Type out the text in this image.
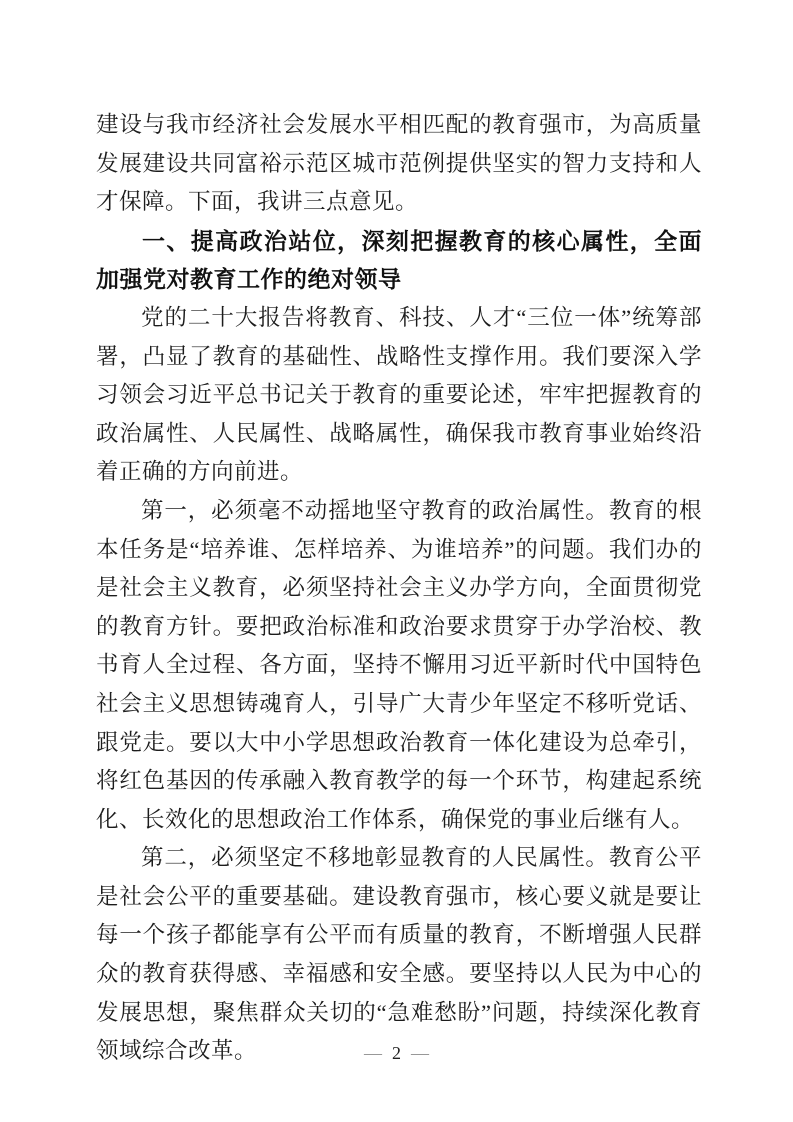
建设与我市经济社会发展水平相匹配的教育强市，为高质量发展建设共同富裕示范区城市范例提供坚实的智力支持和人才保障。下面，我讲三点意见。

一、提高政治站位，深刻把握教育的核心属性，全面加强党对教育工作的绝对领导

党的二十大报告将教育、科技、人才“三位一体”统筹部署，凸显了教育的基础性、战略性支撑作用。我们要深入学习领会习近平总书记关于教育的重要论述，牢牢把握教育的政治属性、人民属性、战略属性，确保我市教育事业始终沿着正确的方向前进。

第一，必须毫不动摇地坚守教育的政治属性。教育的根本任务是“培养谁、怎样培养、为谁培养”的问题。我们办的是社会主义教育，必须坚持社会主义办学方向，全面贯彻党的教育方针。要把政治标准和政治要求贯穿于办学治校、教书育人全过程、各方面，坚持不懈用习近平新时代中国特色社会主义思想铸魂育人，引导广大青少年坚定不移听党话、跟党走。要以大中小学思想政治教育一体化建设为总牵引，将红色基因的传承融入教育教学的每一个环节，构建起系统化、长效化的思想政治工作体系，确保党的事业后继有人。

第二，必须坚定不移地彰显教育的人民属性。教育公平是社会公平的重要基础。建设教育强市，核心要义就是要让每一个孩子都能享有公平而有质量的教育，不断增强人民群众的教育获得感、幸福感和安全感。要坚持以人民为中心的发展思想，聚焦群众关切的“急难愁盼”问题，持续深化教育领域综合改革。	— 2 —
